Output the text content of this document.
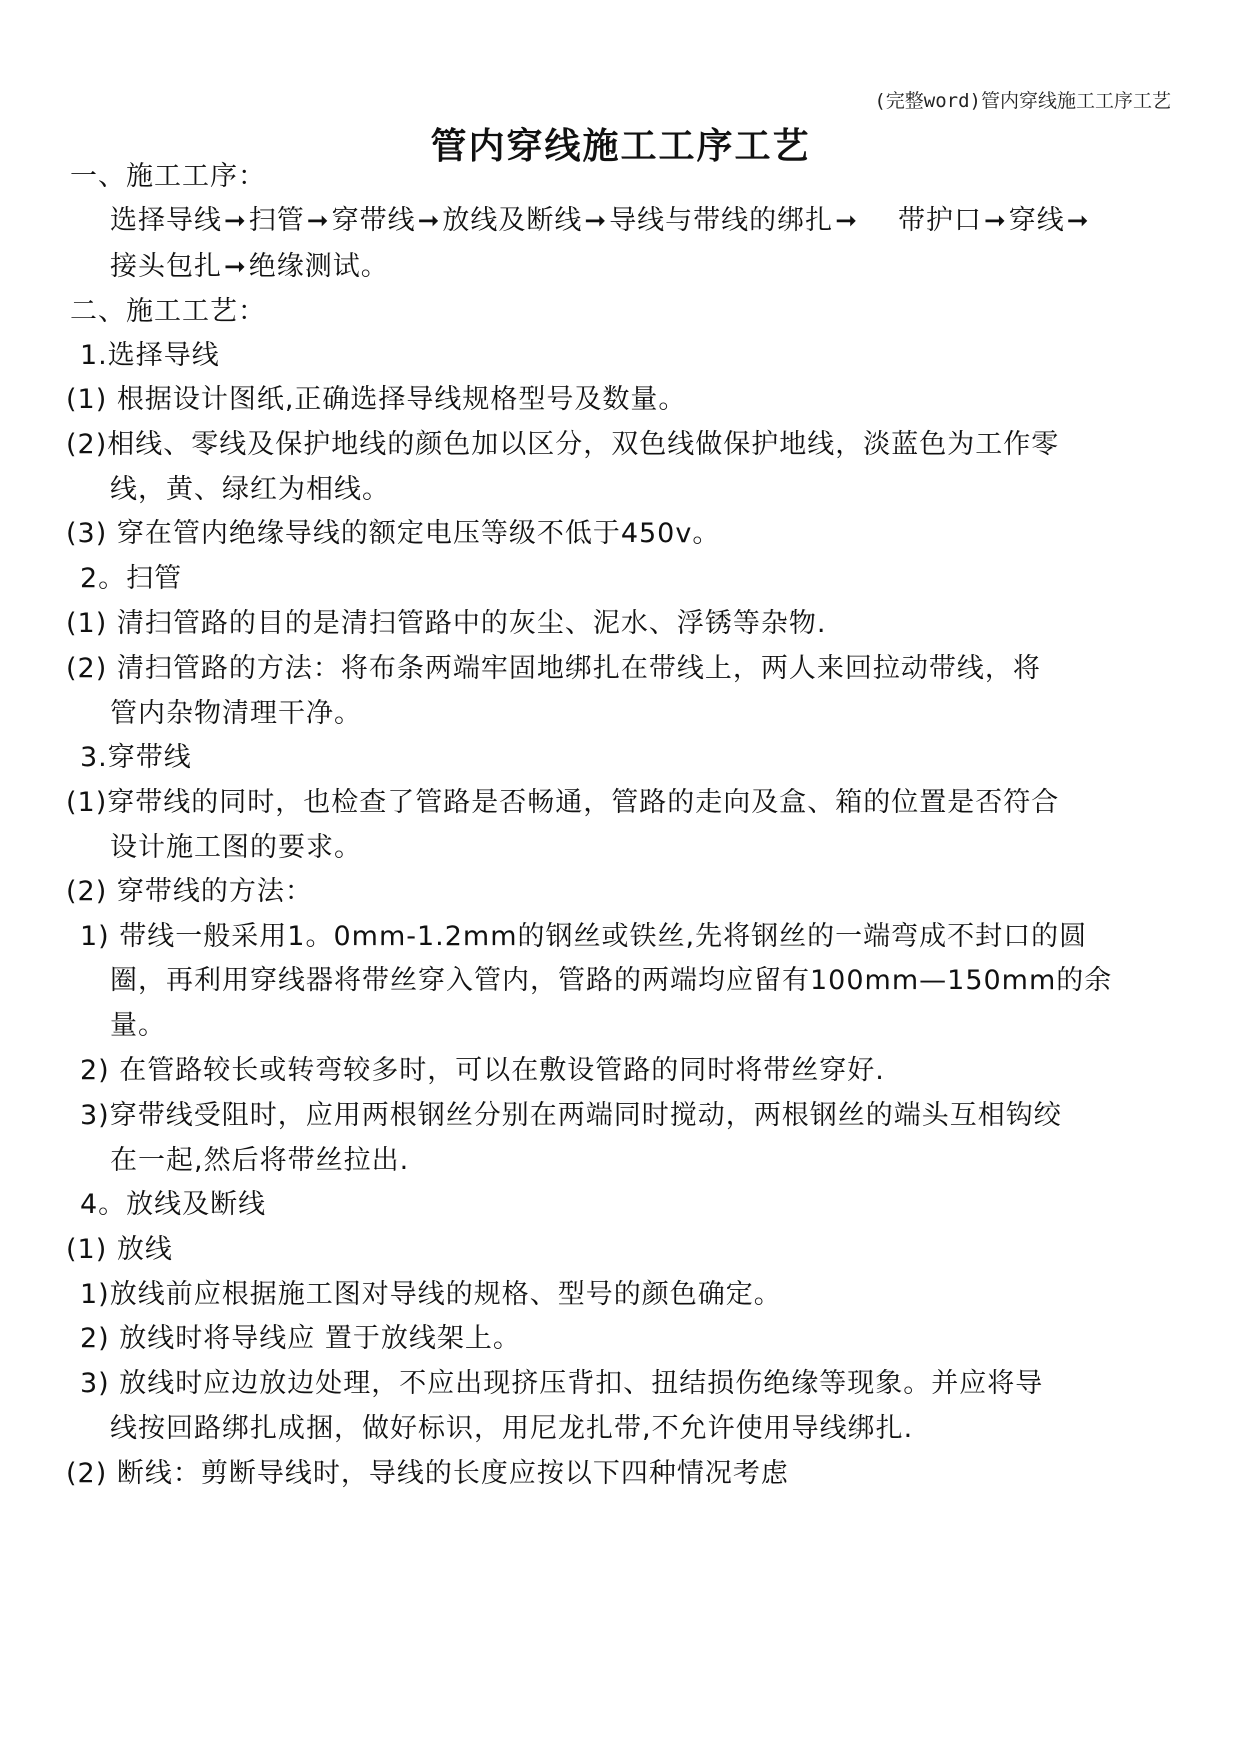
(完整word)管内穿线施工工序工艺
管内穿线施工工序工艺
一、施工工序：
选择导线 ➞ 扫管 ➞ 穿带线 ➞ 放线及断线 ➞ 导线与带线的绑扎 ➞ 带护口 ➞ 穿线 ➞
接头包扎 ➞ 绝缘测试。
二、施工工艺：
1.选择导线
(1) 根据设计图纸,正确选择导线规格型号及数量。
(2)相线、零线及保护地线的颜色加以区分，双色线做保护地线，淡蓝色为工作零
线，黄、绿红为相线。
(3) 穿在管内绝缘导线的额定电压等级不低于450v。
2。扫管
(1) 清扫管路的目的是清扫管路中的灰尘、泥水、浮锈等杂物.
(2) 清扫管路的方法：将布条两端牢固地绑扎在带线上，两人来回拉动带线，将
管内杂物清理干净。
3.穿带线
(1)穿带线的同时，也检查了管路是否畅通，管路的走向及盒、箱的位置是否符合
设计施工图的要求。
(2) 穿带线的方法：
1) 带线一般采用1。0mm-1.2mm的钢丝或铁丝,先将钢丝的一端弯成不封口的圆
圈，再利用穿线器将带丝穿入管内，管路的两端均应留有100mm—150mm的余
量。
2) 在管路较长或转弯较多时，可以在敷设管路的同时将带丝穿好.
3)穿带线受阻时，应用两根钢丝分别在两端同时搅动，两根钢丝的端头互相钩绞
在一起,然后将带丝拉出.
4。放线及断线
(1) 放线
1)放线前应根据施工图对导线的规格、型号的颜色确定。
2) 放线时将导线应 置于放线架上。
3) 放线时应边放边处理，不应出现挤压背扣、扭结损伤绝缘等现象。并应将导
线按回路绑扎成捆，做好标识，用尼龙扎带,不允许使用导线绑扎.
(2) 断线：剪断导线时，导线的长度应按以下四种情况考虑
